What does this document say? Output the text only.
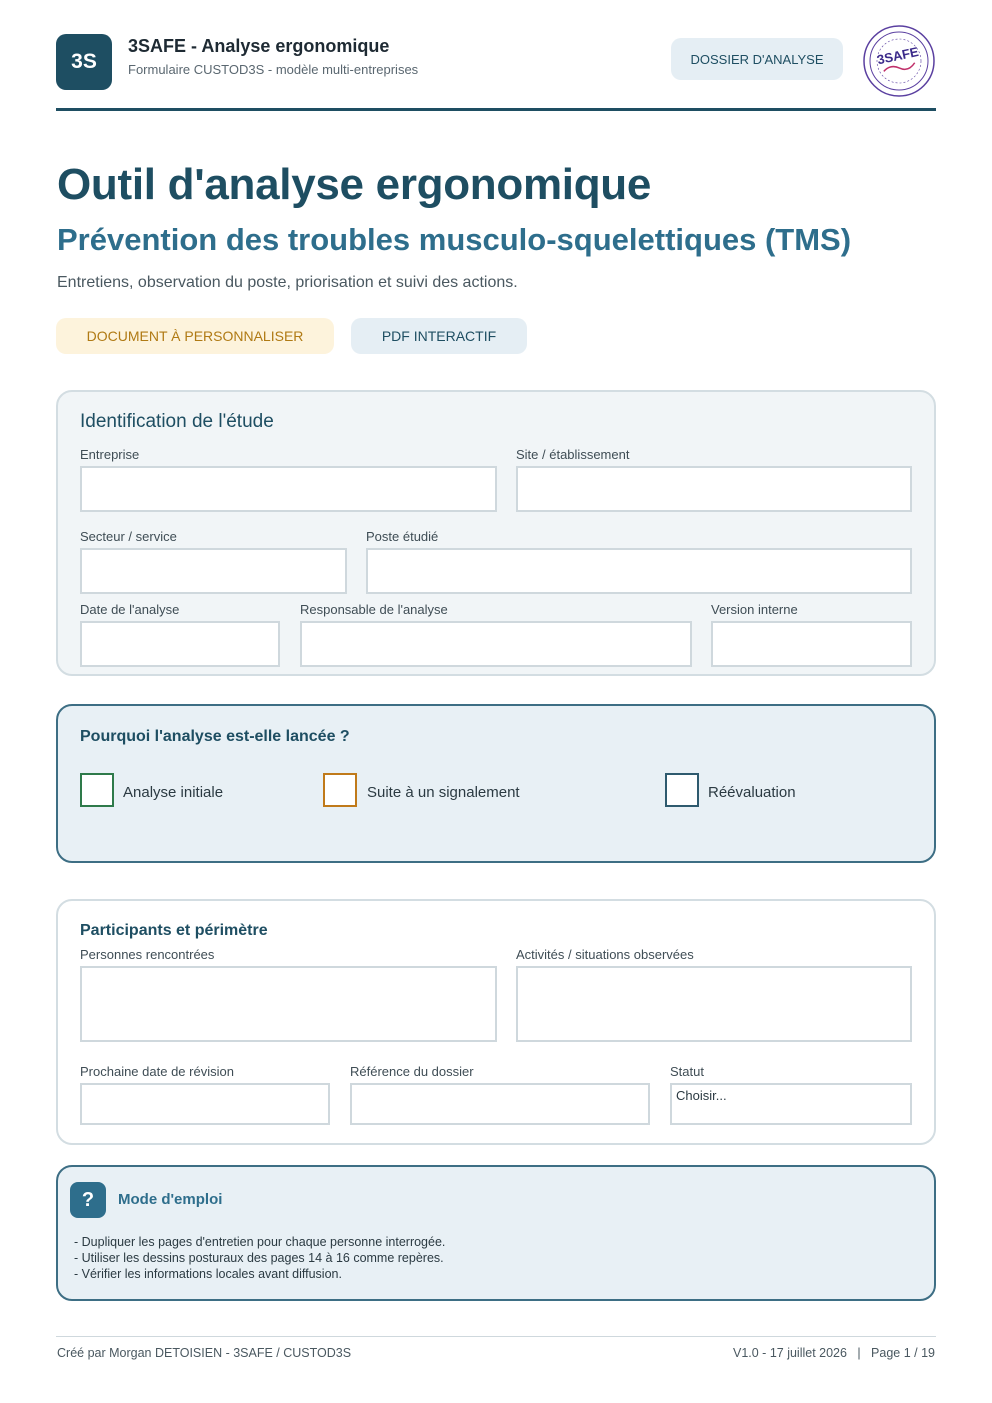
3S
3SAFE - Analyse ergonomique
Formulaire CUSTOD3S - modèle multi-entreprises
DOSSIER D'ANALYSE	3SAFE
Outil d'analyse ergonomique
Prévention des troubles musculo-squelettiques (TMS)
Entretiens, observation du poste, priorisation et suivi des actions.
DOCUMENT À PERSONNALISER	PDF INTERACTIF
Identification de l'étude
Entreprise	Site / établissement
Secteur / service	Poste étudié
Date de l'analyse	Responsable de l'analyse	Version interne
Pourquoi l'analyse est-elle lancée ?
Analyse initiale	Suite à un signalement	Réévaluation
Participants et périmètre
Personnes rencontrées	Activités / situations observées
Prochaine date de révision	Référence du dossier	Statut
Choisir...
?	Mode d'emploi
- Dupliquer les pages d'entretien pour chaque personne interrogée.
- Utiliser les dessins posturaux des pages 14 à 16 comme repères.
- Vérifier les informations locales avant diffusion.
Créé par Morgan DETOISIEN - 3SAFE / CUSTOD3S	V1.0 - 17 juillet 2026   |   Page 1 / 19
